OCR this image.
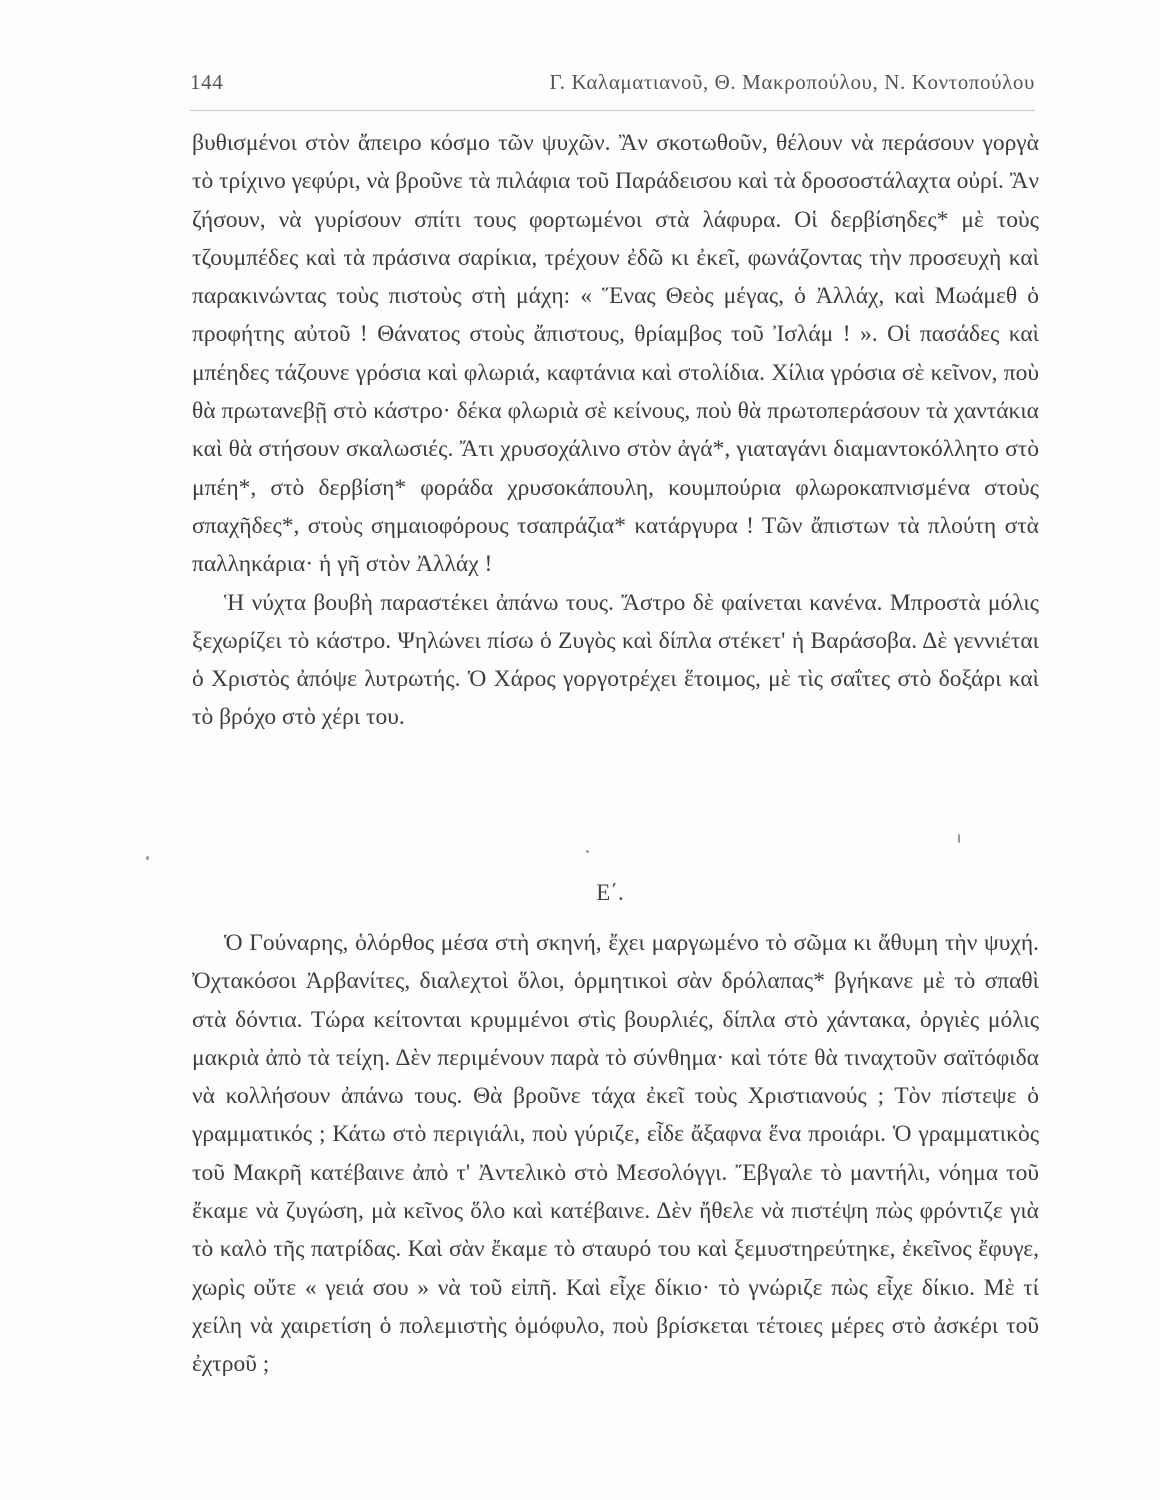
144	Γ. Καλαματιανοῦ, Θ. Μακροπούλου, Ν. Κοντοπούλου

βυθισμένοι στὸν ἄπειρο κόσμο τῶν ψυχῶν. Ἂν σκοτωθοῦν, θέλουν νὰ περάσουν γοργὰ τὸ τρίχινο γεφύρι, νὰ βροῦνε τὰ πιλάφια τοῦ Παράδεισου καὶ τὰ δροσοστάλαχτα οὐρί. Ἂν ζήσουν, νὰ γυρίσουν σπίτι τους φορτωμένοι στὰ λάφυρα. Οἱ δερβίσηδες* μὲ τοὺς τζουμπέδες καὶ τὰ πράσινα σαρίκια, τρέχουν ἐδῶ κι ἐκεῖ, φωνάζοντας τὴν προσευχὴ καὶ παρακινώντας τοὺς πιστοὺς στὴ μάχη: « Ἕνας Θεὸς μέγας, ὁ Ἀλλάχ, καὶ Μωάμεθ ὁ προφήτης αὐτοῦ ! Θάνατος στοὺς ἄπιστους, θρίαμβος τοῦ Ἰσλάμ ! ». Οἱ πασάδες καὶ μπέηδες τάζουνε γρόσια καὶ φλωριά, καφτάνια καὶ στολίδια. Χίλια γρόσια σὲ κεῖνον, ποὺ θὰ πρωτανεβῇ στὸ κάστρο· δέκα φλωριὰ σὲ κείνους, ποὺ θὰ πρωτοπεράσουν τὰ χαντάκια καὶ θὰ στήσουν σκαλωσιές. Ἄτι χρυσοχάλινο στὸν ἀγά*, γιαταγάνι διαμαντοκόλλητο στὸ μπέη*, στὸ δερβίση* φοράδα χρυσοκάπουλη, κουμπούρια φλωροκαπνισμένα στοὺς σπαχῆδες*, στοὺς σημαιοφόρους τσαπράζια* κατάργυρα ! Τῶν ἄπιστων τὰ πλούτη στὰ παλληκάρια· ἡ γῆ στὸν Ἀλλάχ !

Ἡ νύχτα βουβὴ παραστέκει ἀπάνω τους. Ἄστρο δὲ φαίνεται κανένα. Μπροστὰ μόλις ξεχωρίζει τὸ κάστρο. Ψηλώνει πίσω ὁ Ζυγὸς καὶ δίπλα στέκετ' ἡ Βαράσοβα. Δὲ γεννιέται ὁ Χριστὸς ἀπόψε λυτρωτής. Ὁ Χάρος γοργοτρέχει ἕτοιμος, μὲ τὶς σαΐτες στὸ δοξάρι καὶ τὸ βρόχο στὸ χέρι του.

Ε΄.

Ὁ Γούναρης, ὁλόρθος μέσα στὴ σκηνή, ἔχει μαργωμένο τὸ σῶμα κι ἄθυμη τὴν ψυχή. Ὀχτακόσοι Ἀρβανίτες, διαλεχτοὶ ὅλοι, ὁρμητικοὶ σὰν δρόλαπας* βγήκανε μὲ τὸ σπαθὶ στὰ δόντια. Τώρα κείτονται κρυμμένοι στὶς βουρλιές, δίπλα στὸ χάντακα, ὀργιὲς μόλις μακριὰ ἀπὸ τὰ τείχη. Δὲν περιμένουν παρὰ τὸ σύνθημα· καὶ τότε θὰ τιναχτοῦν σαϊτόφιδα νὰ κολλήσουν ἀπάνω τους. Θὰ βροῦνε τάχα ἐκεῖ τοὺς Χριστιανούς ; Τὸν πίστεψε ὁ γραμματικός ; Κάτω στὸ περιγιάλι, ποὺ γύριζε, εἶδε ἄξαφνα ἕνα προιάρι. Ὁ γραμματικὸς τοῦ Μακρῆ κατέβαινε ἀπὸ τ' Ἀντελικὸ στὸ Μεσολόγγι. Ἔβγαλε τὸ μαντήλι, νόημα τοῦ ἔκαμε νὰ ζυγώση, μὰ κεῖνος ὅλο καὶ κατέβαινε. Δὲν ἤθελε νὰ πιστέψη πὼς φρόντιζε γιὰ τὸ καλὸ τῆς πατρίδας. Καὶ σὰν ἔκαμε τὸ σταυρό του καὶ ξεμυστηρεύτηκε, ἐκεῖνος ἔφυγε, χωρὶς οὔτε « γειά σου » νὰ τοῦ εἰπῆ. Καὶ εἶχε δίκιο· τὸ γνώριζε πὼς εἶχε δίκιο. Μὲ τί χείλη νὰ χαιρετίση ὁ πολεμιστὴς ὁμόφυλο, ποὺ βρίσκεται τέτοιες μέρες στὸ ἀσκέρι τοῦ ἐχτροῦ ;
